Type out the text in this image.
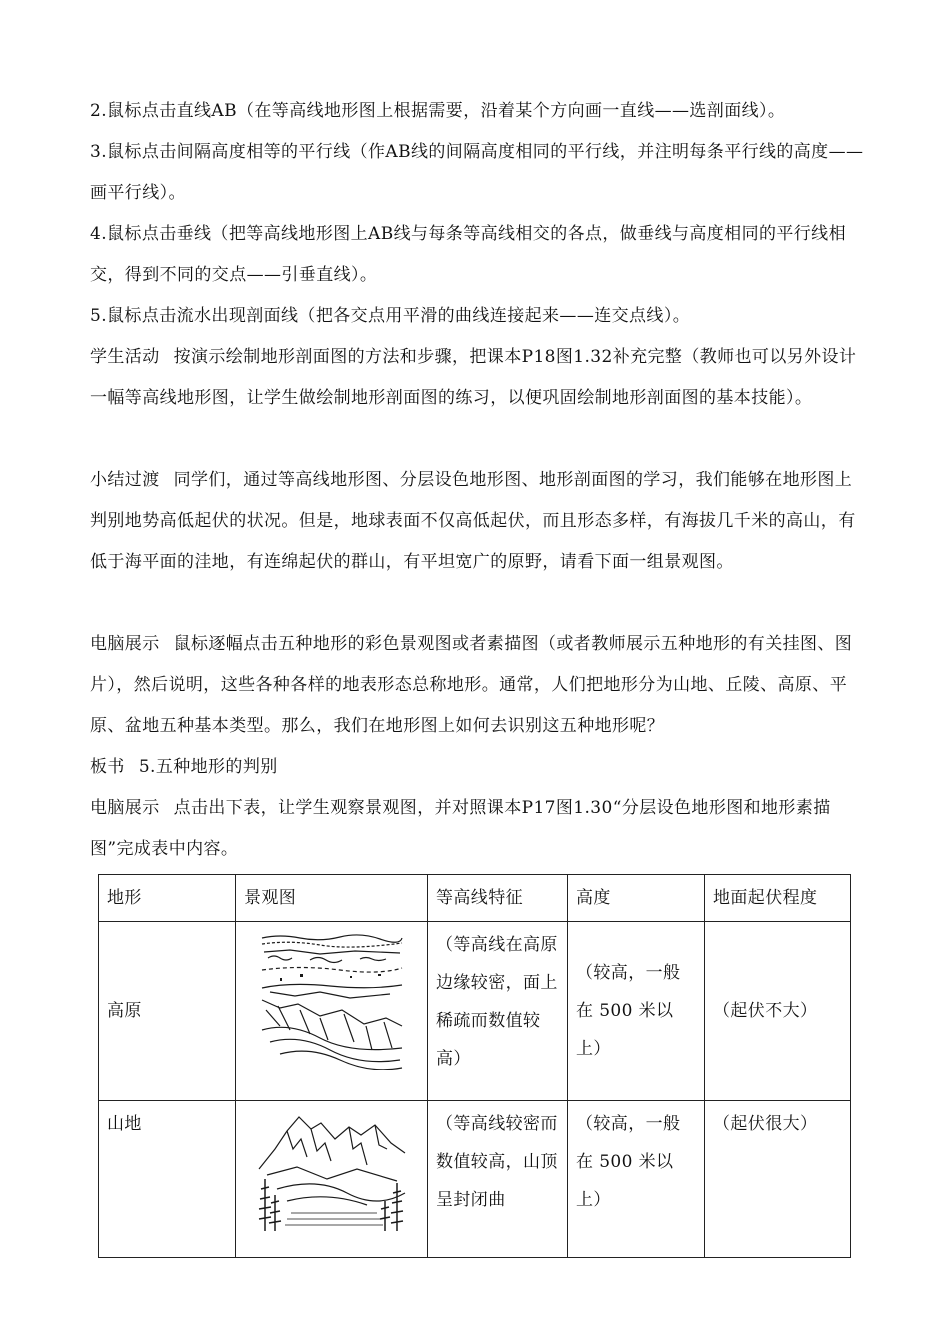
2.鼠标点击直线AB（在等高线地形图上根据需要，沿着某个方向画一直线——选剖面线）。

3.鼠标点击间隔高度相等的平行线（作AB线的间隔高度相同的平行线，并注明每条平行线的高度——画平行线）。

4.鼠标点击垂线（把等高线地形图上AB线与每条等高线相交的各点，做垂线与高度相同的平行线相交，得到不同的交点——引垂直线）。

5.鼠标点击流水出现剖面线（把各交点用平滑的曲线连接起来——连交点线）。

学生活动 按演示绘制地形剖面图的方法和步骤，把课本P18图1.32补充完整（教师也可以另外设计一幅等高线地形图，让学生做绘制地形剖面图的练习，以便巩固绘制地形剖面图的基本技能）。

小结过渡 同学们，通过等高线地形图、分层设色地形图、地形剖面图的学习，我们能够在地形图上判别地势高低起伏的状况。但是，地球表面不仅高低起伏，而且形态多样，有海拔几千米的高山，有低于海平面的洼地，有连绵起伏的群山，有平坦宽广的原野，请看下面一组景观图。

电脑展示 鼠标逐幅点击五种地形的彩色景观图或者素描图（或者教师展示五种地形的有关挂图、图片），然后说明，这些各种各样的地表形态总称地形。通常，人们把地形分为山地、丘陵、高原、平原、盆地五种基本类型。那么，我们在地形图上如何去识别这五种地形呢？

板书 5.五种地形的判别

电脑展示 点击出下表，让学生观察景观图，并对照课本P17图1.30“分层设色地形图和地形素描图”完成表中内容。

地形	景观图	等高线特征	高度	地面起伏程度
高原		（等高线在高原边缘较密，面上稀疏而数值较高）	（较高，一般在 500 米以上）	（起伏不大）
山地		（等高线较密而数值较高，山顶呈封闭曲	（较高，一般在 500 米以上）	（起伏很大）
